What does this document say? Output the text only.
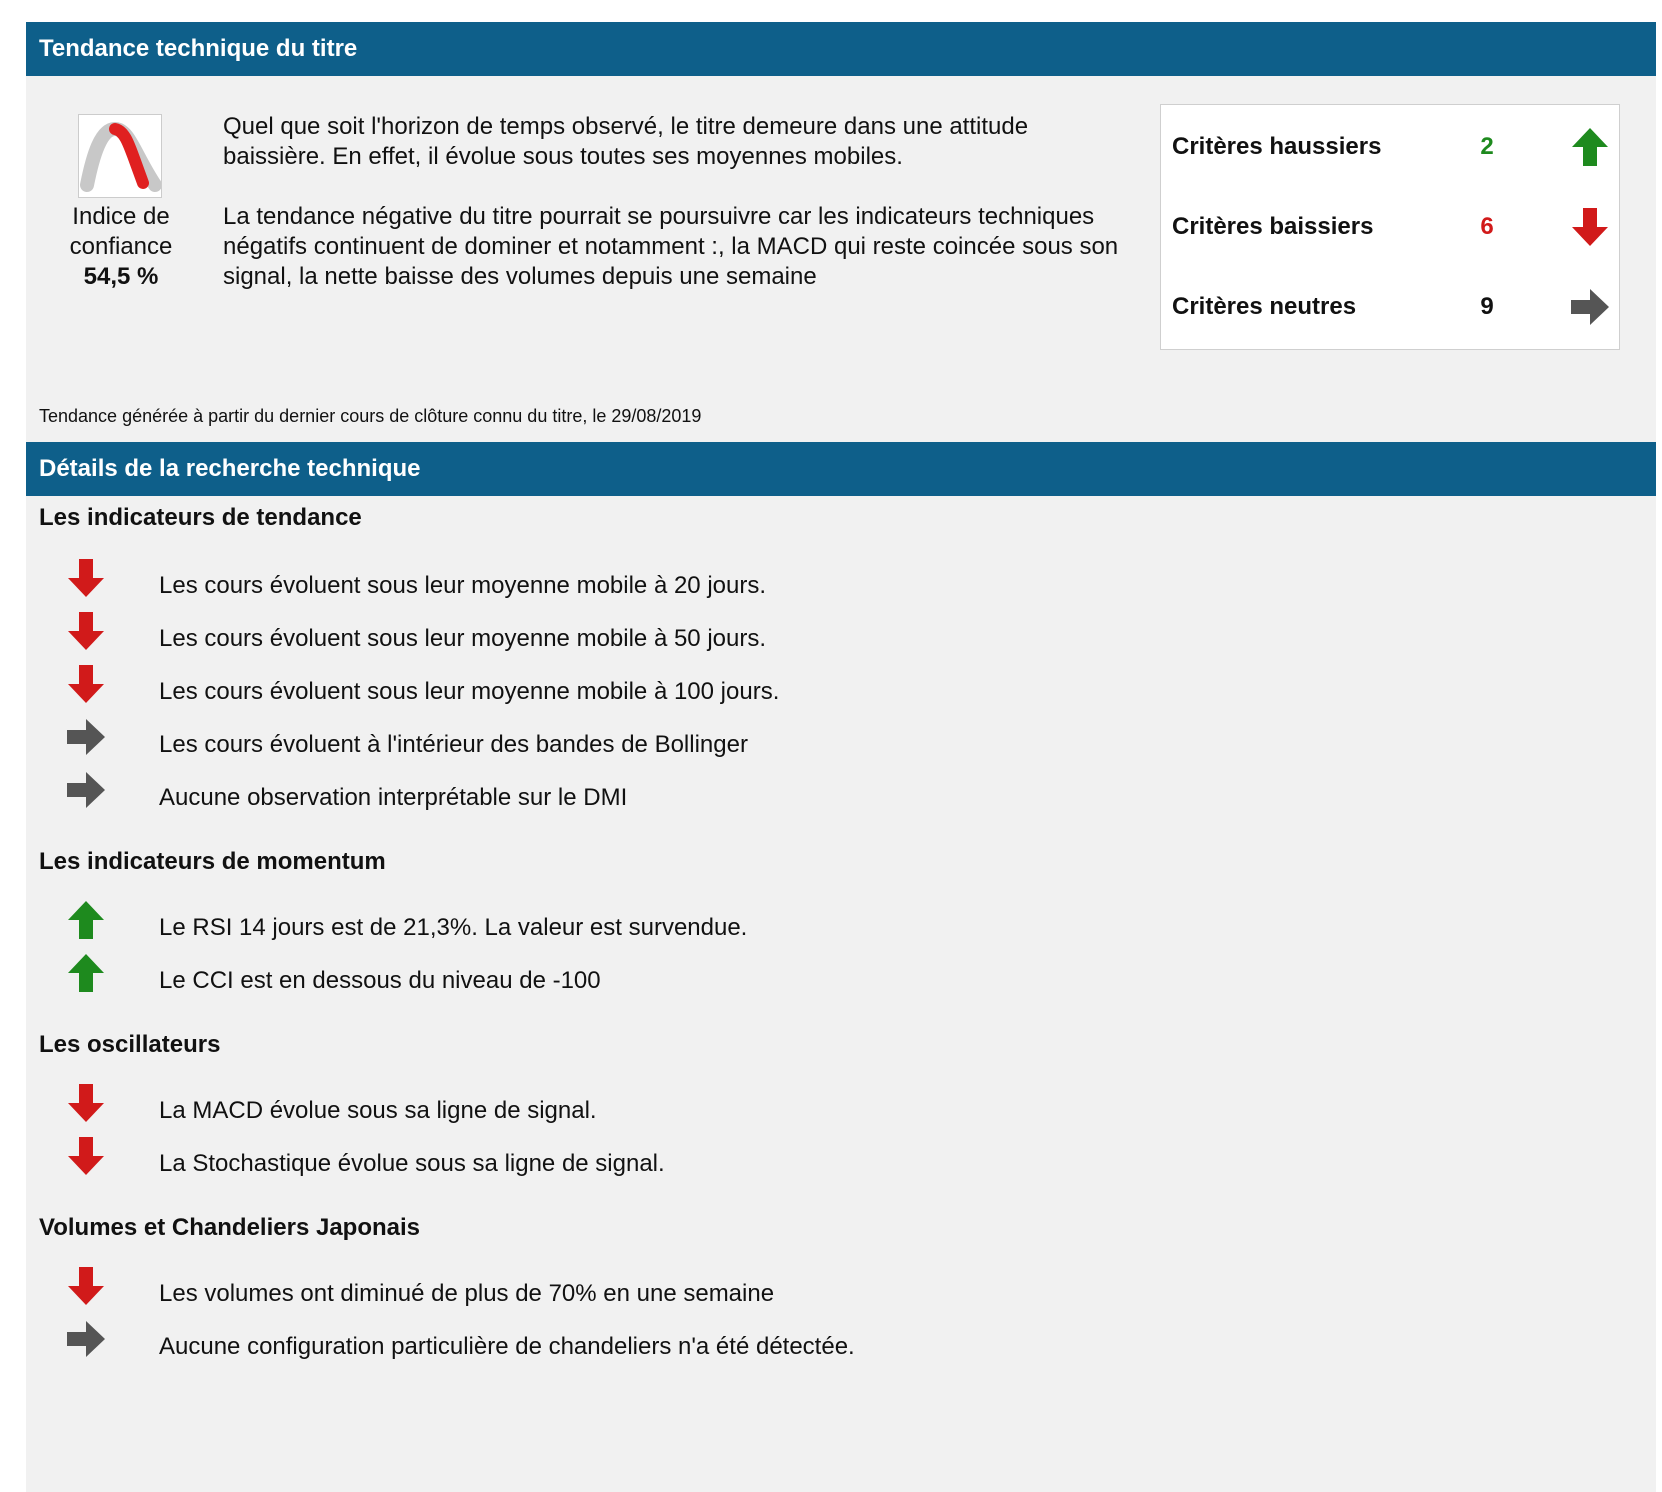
Tendance technique du titre
Indice de
confiance
54,5 %

Quel que soit l'horizon de temps observé, le titre demeure dans une attitude baissière. En effet, il évolue sous toutes ses moyennes mobiles.

La tendance négative du titre pourrait se poursuivre car les indicateurs techniques négatifs continuent de dominer et notamment :, la MACD qui reste coincée sous son signal, la nette baisse des volumes depuis une semaine

Critères haussiers	2
Critères baissiers	6
Critères neutres	9
Tendance générée à partir du dernier cours de clôture connu du titre, le 29/08/2019
Détails de la recherche technique
Les indicateurs de tendance
Les cours évoluent sous leur moyenne mobile à 20 jours.
Les cours évoluent sous leur moyenne mobile à 50 jours.
Les cours évoluent sous leur moyenne mobile à 100 jours.
Les cours évoluent à l'intérieur des bandes de Bollinger
Aucune observation interprétable sur le DMI
Les indicateurs de momentum
Le RSI 14 jours est de 21,3%. La valeur est survendue.
Le CCI est en dessous du niveau de -100
Les oscillateurs
La MACD évolue sous sa ligne de signal.
La Stochastique évolue sous sa ligne de signal.
Volumes et Chandeliers Japonais
Les volumes ont diminué de plus de 70% en une semaine
Aucune configuration particulière de chandeliers n'a été détectée.
